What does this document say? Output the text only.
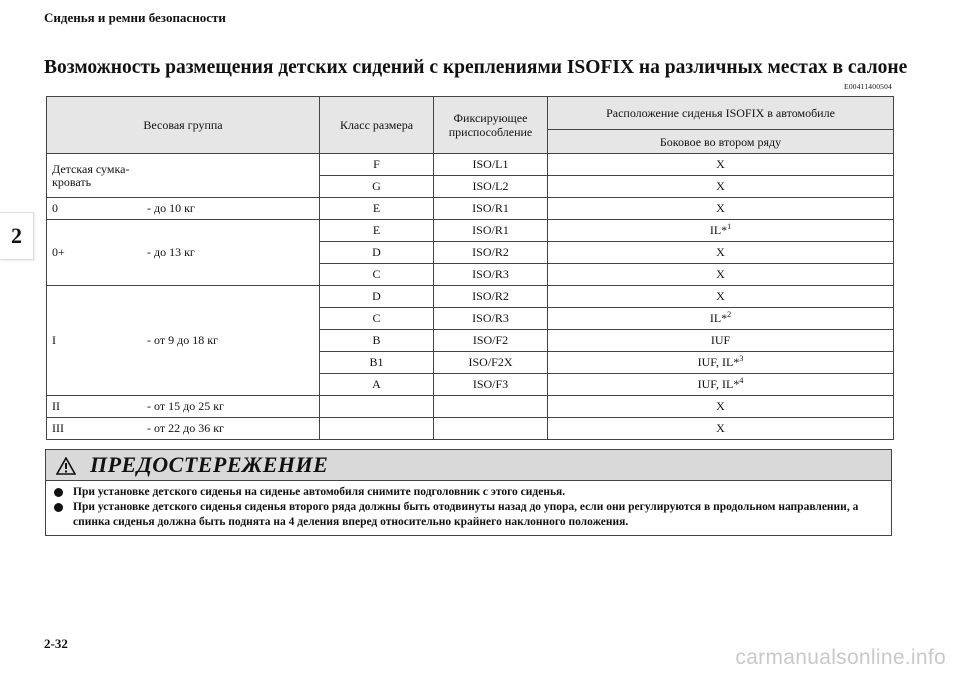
Сиденья и ремни безопасности
2
Возможность размещения детских сидений с креплениями ISOFIX на различных местах в салоне
E00411400504
Весовая группа	Класс размера	Фиксирующее приспособление	Расположение сиденья ISOFIX в автомобиле
			Боковое во втором ряду

Детская сумка-кровать	F	ISO/L1	X
	G	ISO/L2	X

0 - до 10 кг	E	ISO/R1	X

0+ - до 13 кг	E	ISO/R1	IL*$^1$
	D	ISO/R2	X
	C	ISO/R3	X

I - от 9 до 18 кг	D	ISO/R2	X
	C	ISO/R3	IL*$^2$
	B	ISO/F2	IUF
	B1	ISO/F2X	IUF, IL*$^3$
	A	ISO/F3	IUF, IL*$^4$

II - от 15 до 25 кг			X

III - от 22 до 36 кг			X
ПРЕДОСТЕРЕЖЕНИЕ
При установке детского сиденья на сиденье автомобиля снимите подголовник с этого сиденья.
При установке детского сиденья сиденья второго ряда должны быть отодвинуты назад до упора, если они регулируются в продольном направлении, а спинка сиденья должна быть поднята на 4 деления вперед относительно крайнего наклонного положения.
2-32
carmanualsonline.info
